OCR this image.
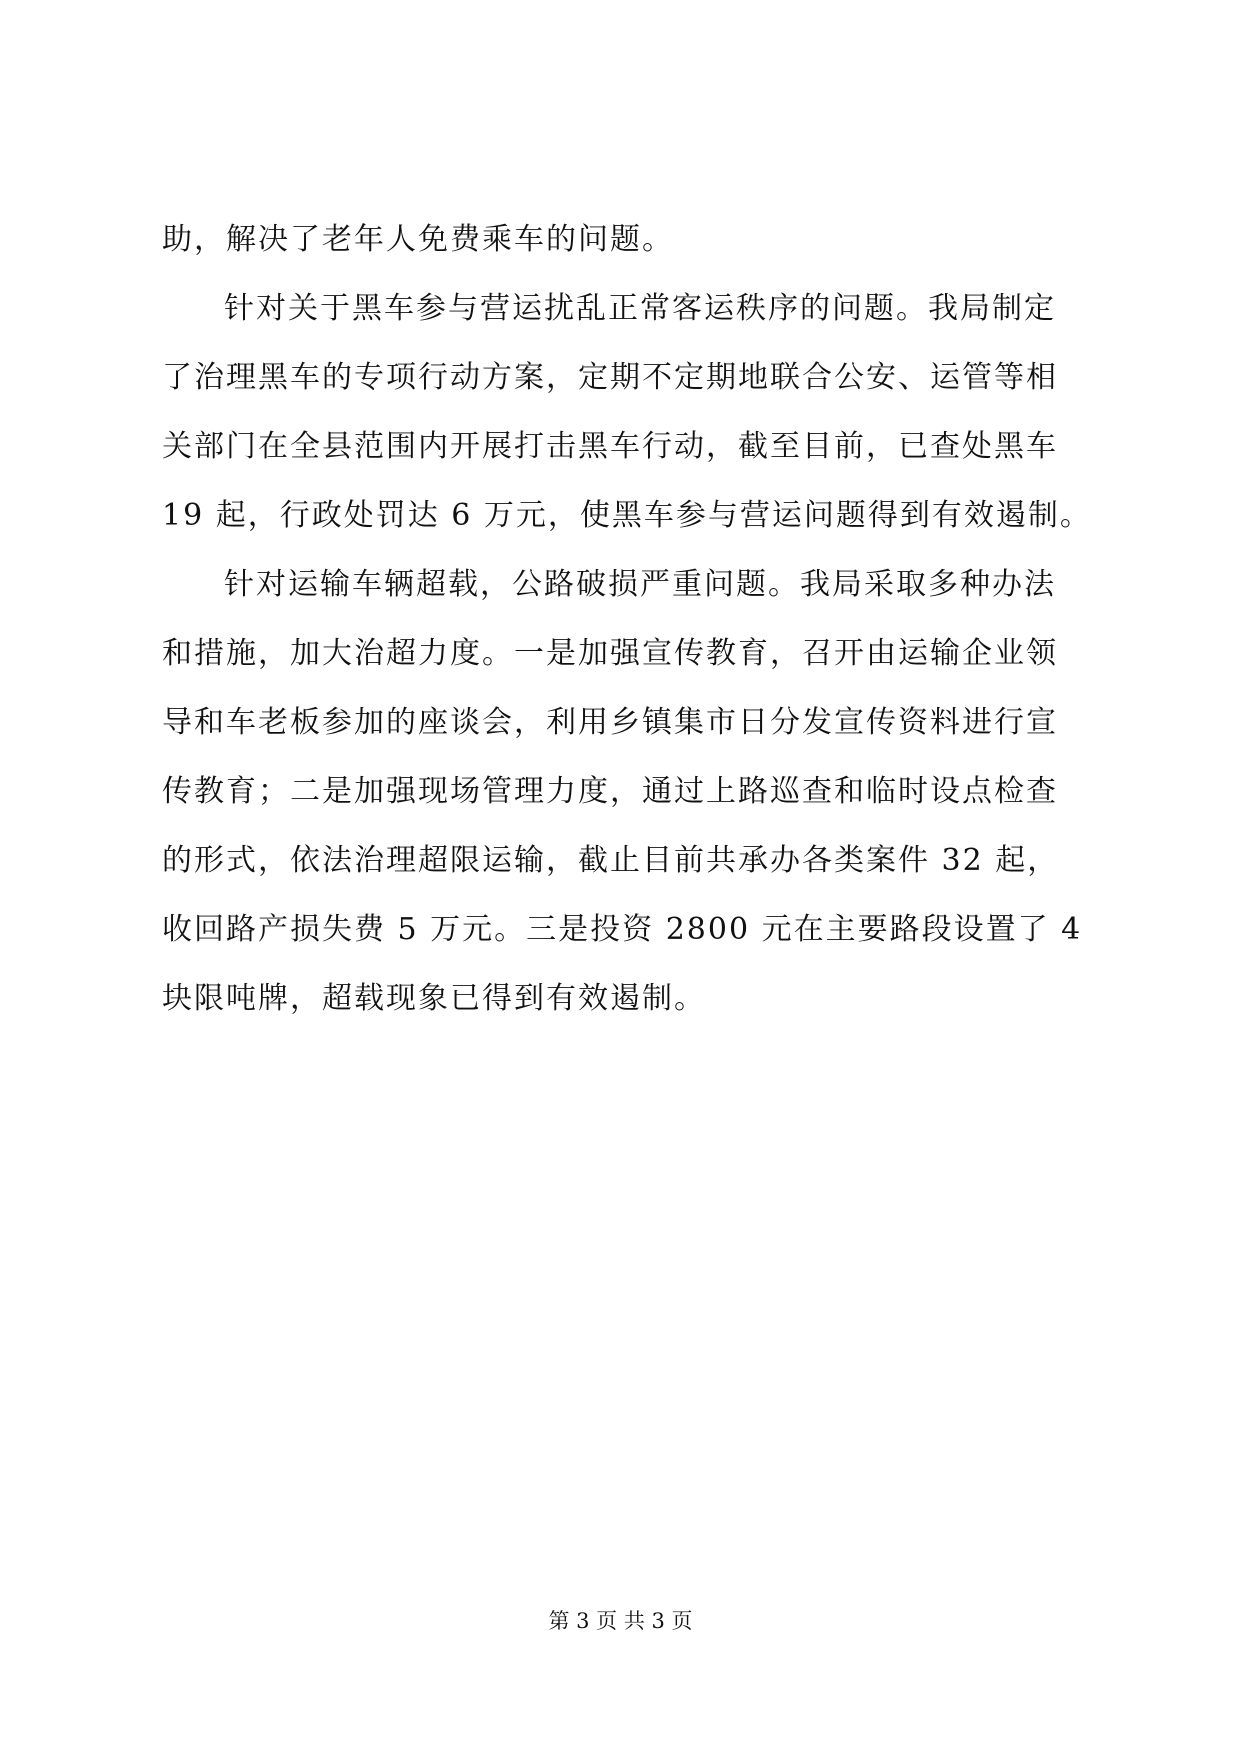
助，解决了老年人免费乘车的问题。
针对关于黑车参与营运扰乱正常客运秩序的问题。我局制定
了治理黑车的专项行动方案，定期不定期地联合公安、运管等相
关部门在全县范围内开展打击黑车行动，截至目前，已查处黑车
19 起，行政处罚达 6 万元，使黑车参与营运问题得到有效遏制。
针对运输车辆超载，公路破损严重问题。我局采取多种办法
和措施，加大治超力度。一是加强宣传教育，召开由运输企业领
导和车老板参加的座谈会，利用乡镇集市日分发宣传资料进行宣
传教育；二是加强现场管理力度，通过上路巡查和临时设点检查
的形式，依法治理超限运输，截止目前共承办各类案件 32 起，
收回路产损失费 5 万元。三是投资 2800 元在主要路段设置了 4
块限吨牌，超载现象已得到有效遏制。
第 3 页 共 3 页
